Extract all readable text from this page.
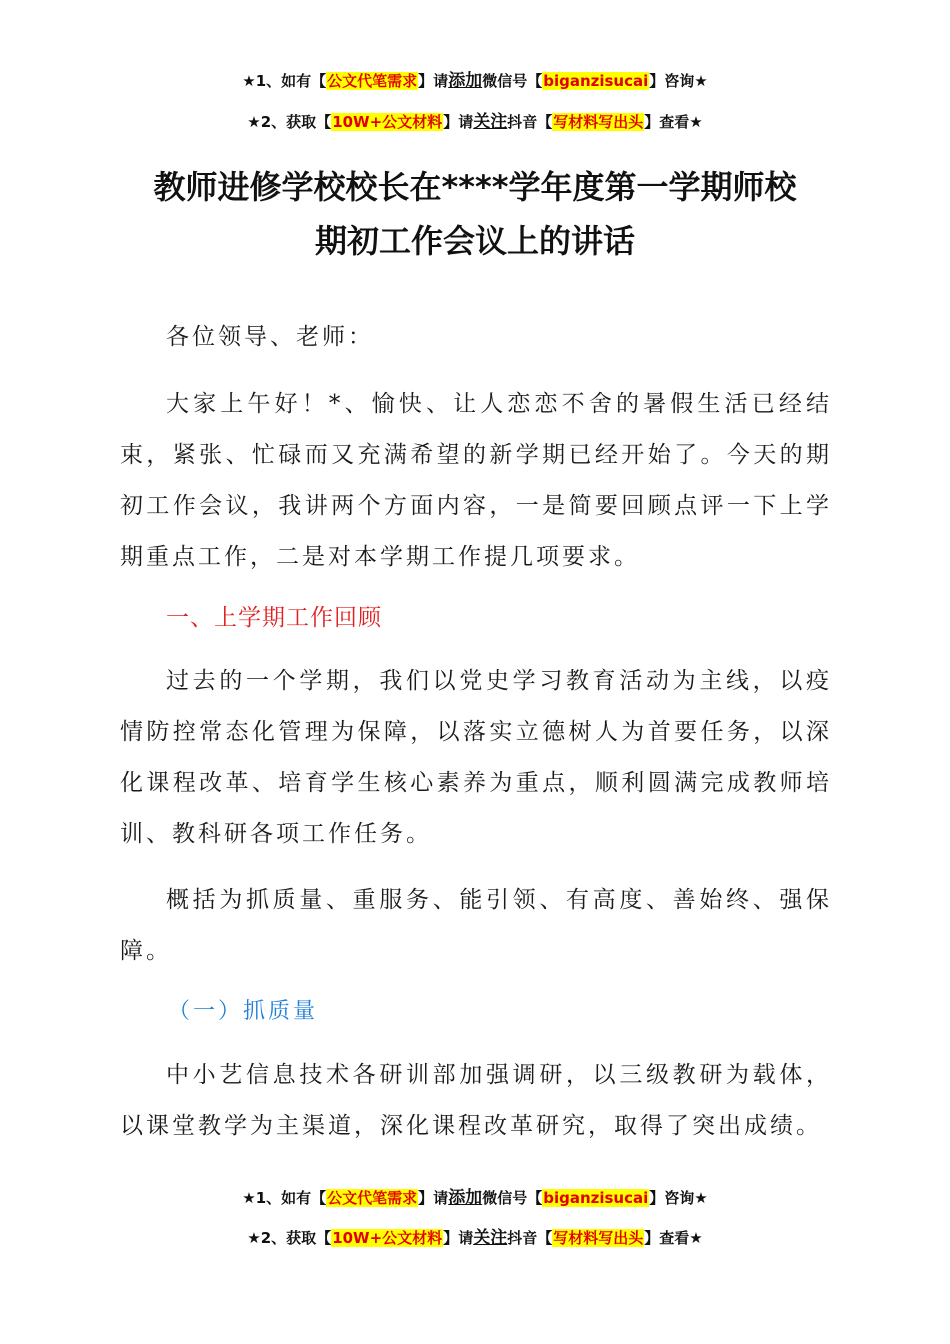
★1、如有【公文代笔需求】请添加微信号【biganzisucai】咨询★
★2、获取【10W+公文材料】请关注抖音【写材料写出头】查看★
教师进修学校校长在****学年度第一学期师校
期初工作会议上的讲话

各位领导、老师：

大家上午好！*、愉快、让人恋恋不舍的暑假生活已经结束，紧张、忙碌而又充满希望的新学期已经开始了。今天的期初工作会议，我讲两个方面内容，一是简要回顾点评一下上学期重点工作，二是对本学期工作提几项要求。

一、上学期工作回顾

过去的一个学期，我们以党史学习教育活动为主线，以疫情防控常态化管理为保障，以落实立德树人为首要任务，以深化课程改革、培育学生核心素养为重点，顺利圆满完成教师培训、教科研各项工作任务。

概括为抓质量、重服务、能引领、有高度、善始终、强保障。

（一）抓质量

中小艺信息技术各研训部加强调研，以三级教研为载体，以课堂教学为主渠道，深化课程改革研究，取得了突出成绩。

★1、如有【公文代笔需求】请添加微信号【biganzisucai】咨询★
★2、获取【10W+公文材料】请关注抖音【写材料写出头】查看★
